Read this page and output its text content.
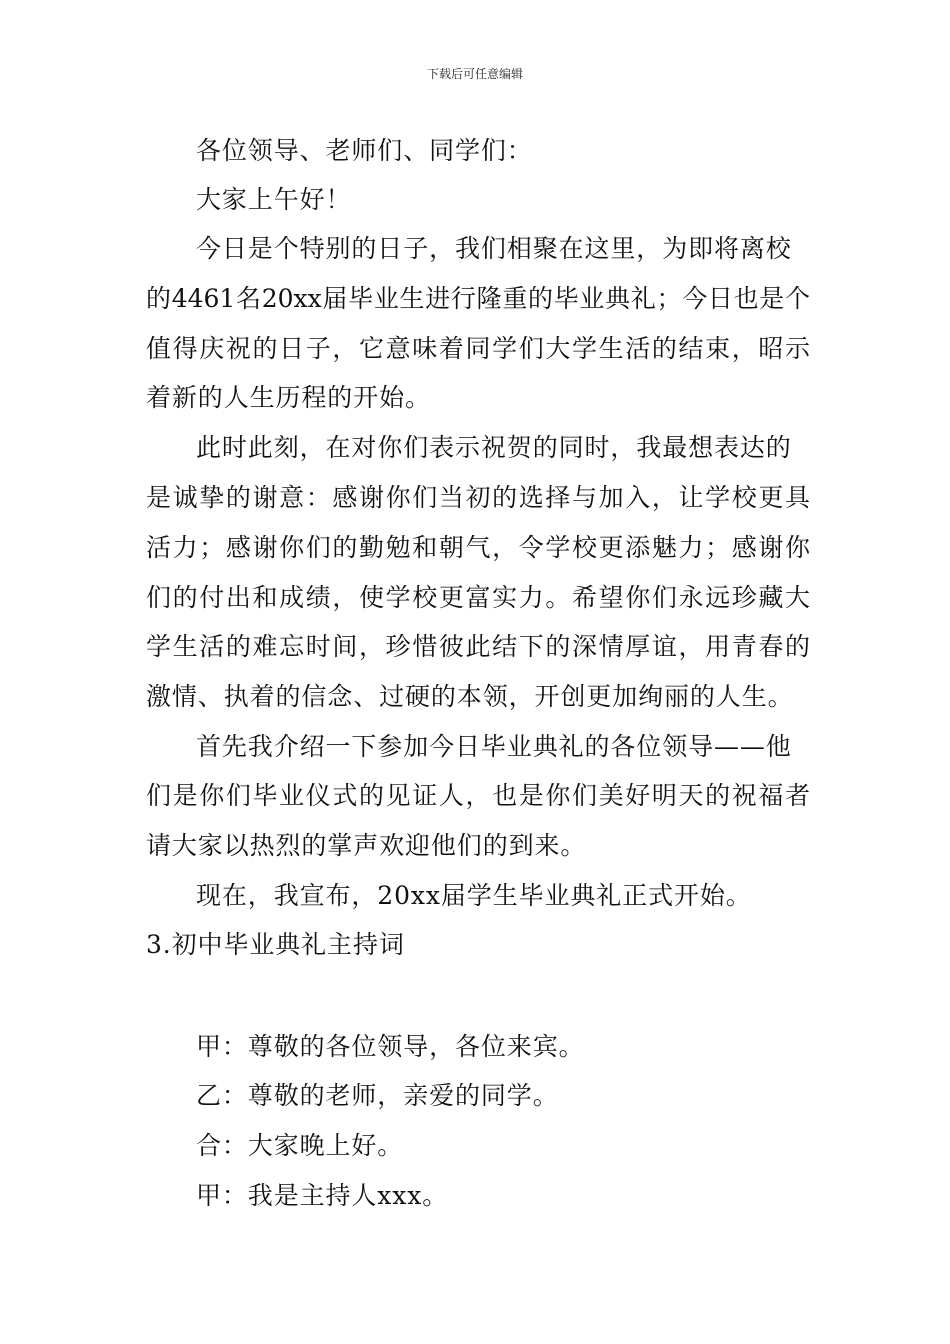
下载后可任意编辑
各位领导、老师们、同学们：
大家上午好！
今日是个特别的日子，我们相聚在这里，为即将离校
的4461名20xx届毕业生进行隆重的毕业典礼；今日也是个
值得庆祝的日子，它意味着同学们大学生活的结束，昭示
着新的人生历程的开始。
此时此刻，在对你们表示祝贺的同时，我最想表达的
是诚挚的谢意：感谢你们当初的选择与加入，让学校更具
活力；感谢你们的勤勉和朝气，令学校更添魅力；感谢你
们的付出和成绩，使学校更富实力。希望你们永远珍藏大
学生活的难忘时间，珍惜彼此结下的深情厚谊，用青春的
激情、执着的信念、过硬的本领，开创更加绚丽的人生。
首先我介绍一下参加今日毕业典礼的各位领导——他
们是你们毕业仪式的见证人，也是你们美好明天的祝福者
请大家以热烈的掌声欢迎他们的到来。
现在，我宣布，20xx届学生毕业典礼正式开始。
3.初中毕业典礼主持词
甲：尊敬的各位领导，各位来宾。
乙：尊敬的老师，亲爱的同学。
合：大家晚上好。
甲：我是主持人xxx。
